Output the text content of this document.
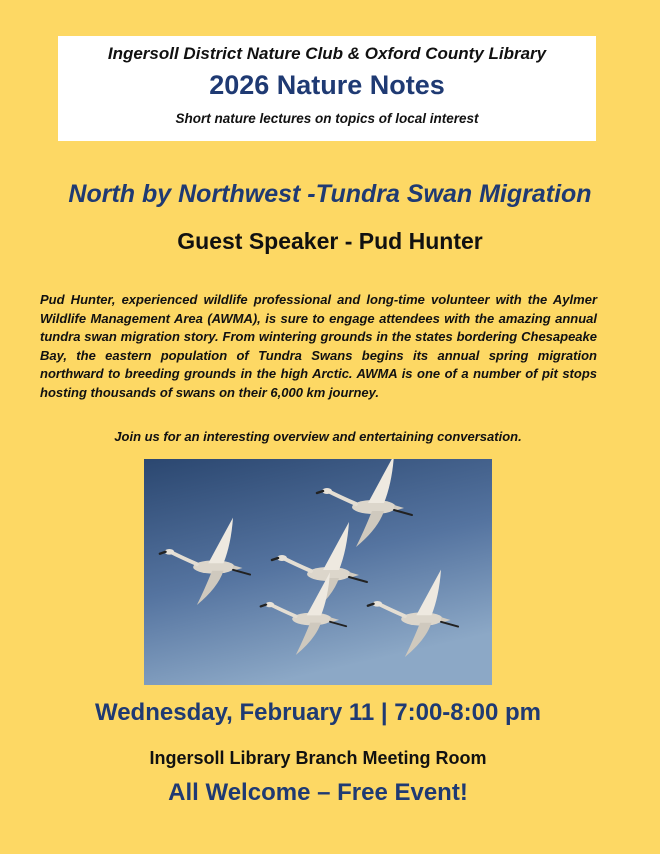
Ingersoll District Nature Club & Oxford County Library
2026 Nature Notes
Short nature lectures on topics of local interest
North by Northwest -Tundra Swan Migration
Guest Speaker - Pud Hunter

Pud Hunter, experienced wildlife professional and long-time volunteer with the Aylmer Wildlife Management Area (AWMA), is sure to engage attendees with the amazing annual tundra swan migration story. From wintering grounds in the states bordering Chesapeake Bay, the eastern population of Tundra Swans begins its annual spring migration northward to breeding grounds in the high Arctic. AWMA is one of a number of pit stops hosting thousands of swans on their 6,000 km journey.

Join us for an interesting overview and entertaining conversation.
Wednesday, February 11 | 7:00-8:00 pm
Ingersoll Library Branch Meeting Room
All Welcome – Free Event!
